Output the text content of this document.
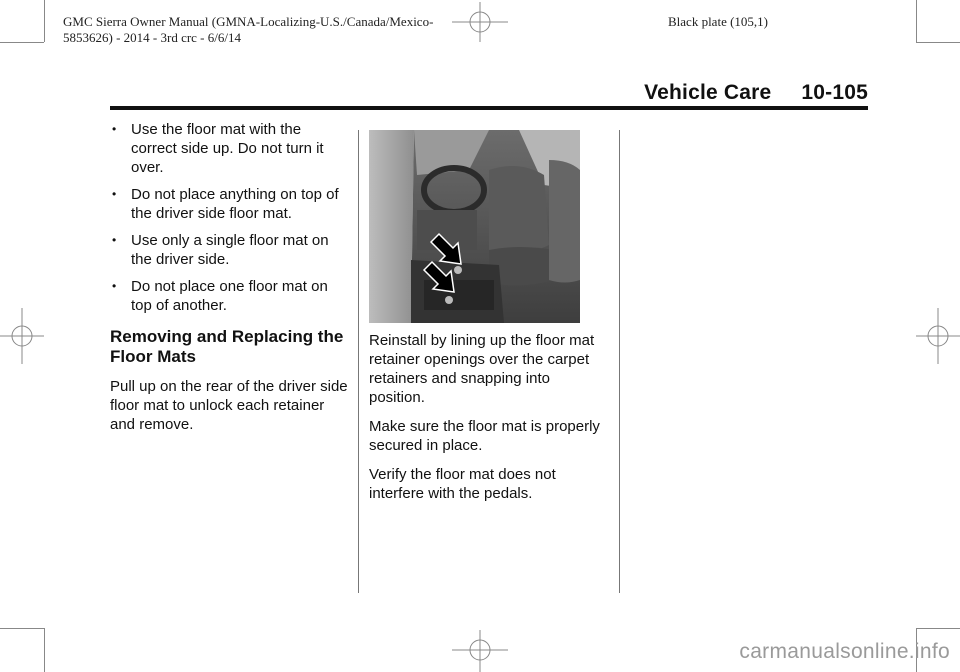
GMC Sierra Owner Manual (GMNA-Localizing-U.S./Canada/Mexico-
5853626) - 2014 - 3rd crc - 6/6/14
Black plate (105,1)
Vehicle Care 10-105
• Use the floor mat with the correct side up. Do not turn it over.
• Do not place anything on top of the driver side floor mat.
• Use only a single floor mat on the driver side.
• Do not place one floor mat on top of another.
Removing and Replacing the Floor Mats

Pull up on the rear of the driver side floor mat to unlock each retainer and remove.

Reinstall by lining up the floor mat retainer openings over the carpet retainers and snapping into position.

Make sure the floor mat is properly secured in place.

Verify the floor mat does not interfere with the pedals.

carmanualsonline.info
